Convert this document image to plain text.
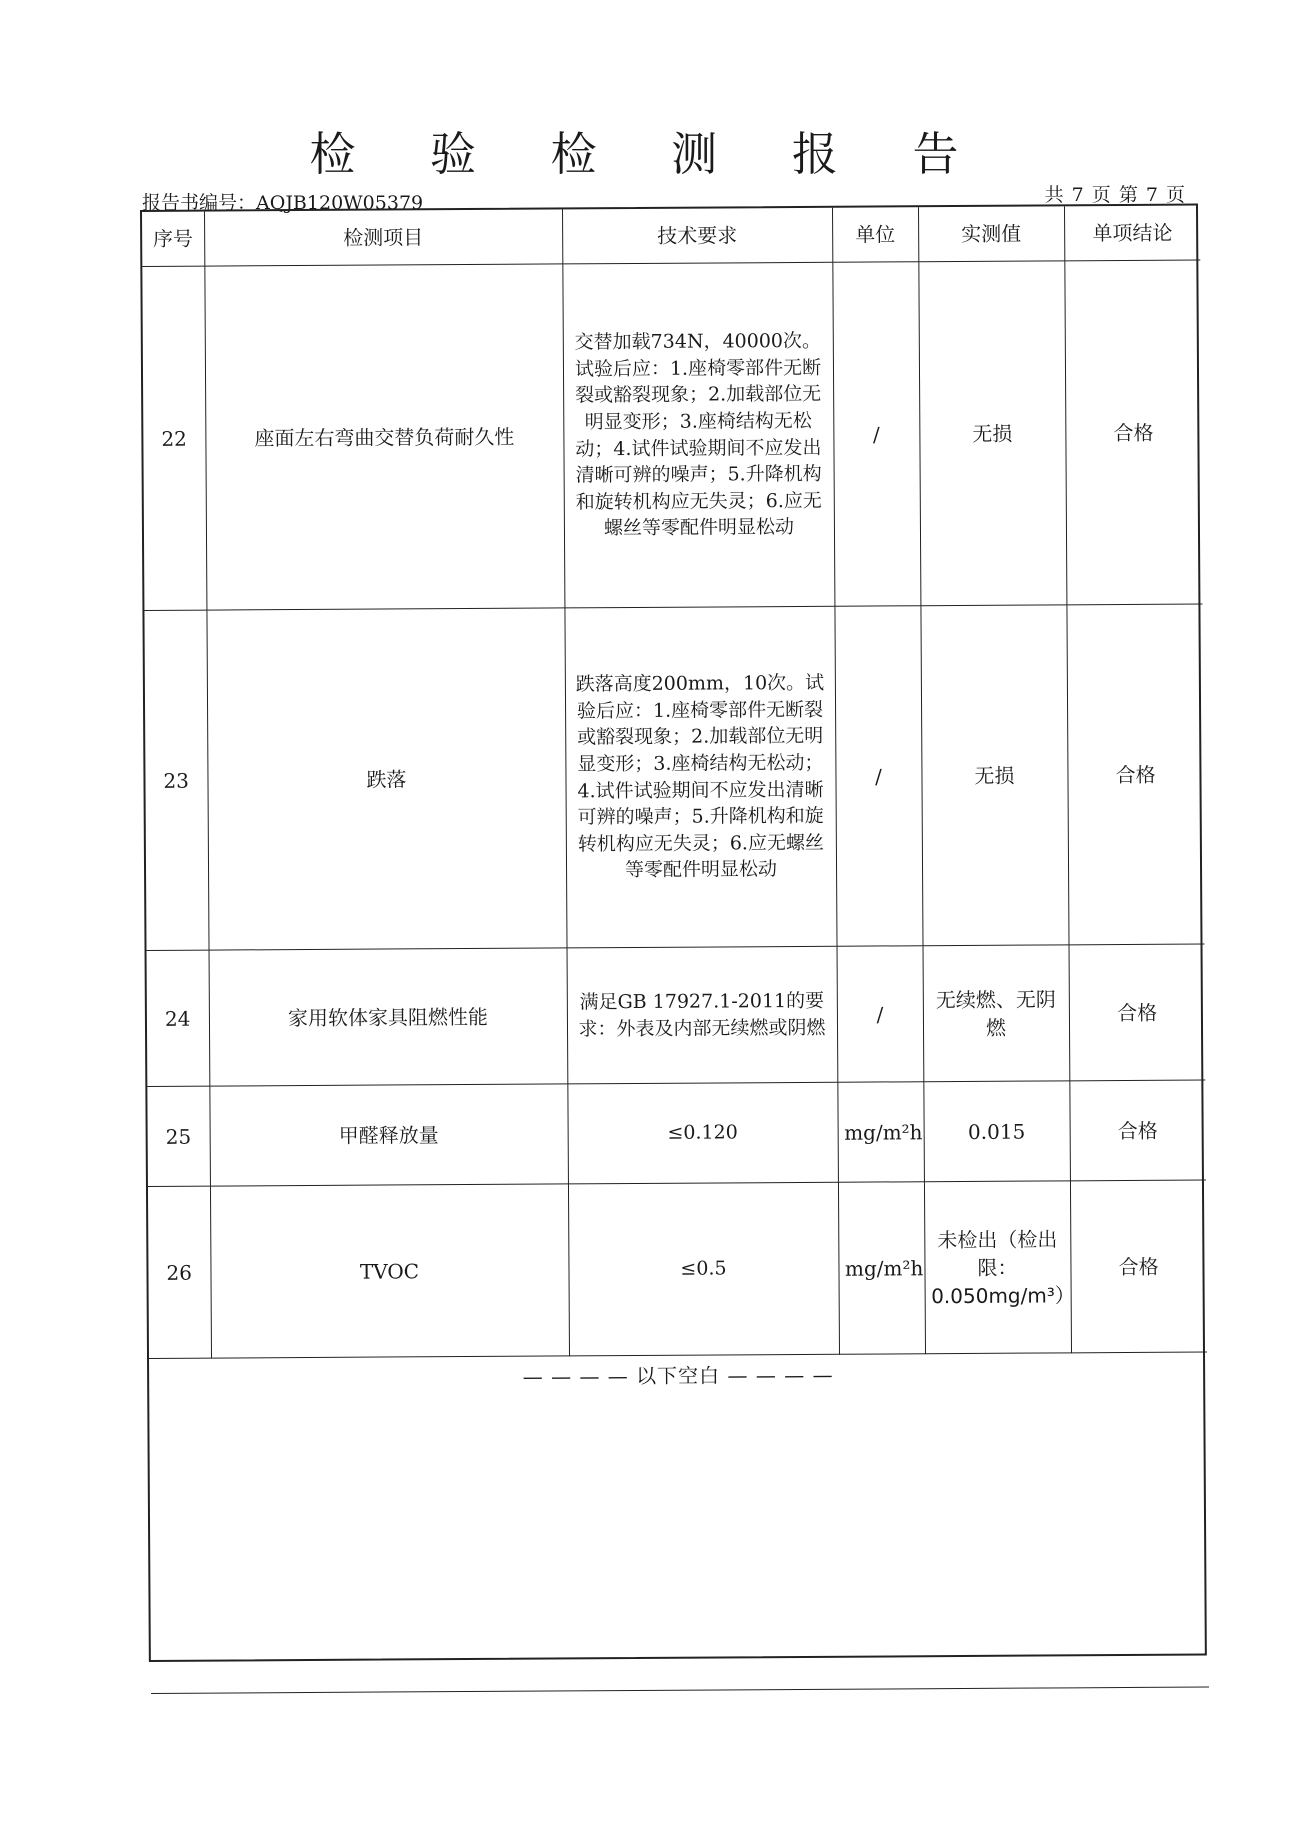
检 验 检 测 报 告
报告书编号：AQJB120W05379	共 7 页 第 7 页
序号	检测项目	技术要求	单位	实测值	单项结论
22	座面左右弯曲交替负荷耐久性	交替加载734N，40000次。试验后应：1.座椅零部件无断裂或豁裂现象；2.加载部位无明显变形；3.座椅结构无松动；4.试件试验期间不应发出清晰可辨的噪声；5.升降机构和旋转机构应无失灵；6.应无螺丝等零配件明显松动	/	无损	合格
23	跌落	跌落高度200mm，10次。试验后应：1.座椅零部件无断裂或豁裂现象；2.加载部位无明显变形；3.座椅结构无松动；4.试件试验期间不应发出清晰可辨的噪声；5.升降机构和旋转机构应无失灵；6.应无螺丝等零配件明显松动	/	无损	合格
24	家用软体家具阻燃性能	满足GB 17927.1-2011的要求：外表及内部无续燃或阴燃	/	无续燃、无阴燃	合格
25	甲醛释放量	≤0.120	mg/m²h	0.015	合格
26	TVOC	≤0.5	mg/m²h	未检出（检出限：0.050mg/m³）	合格

— — — — 以下空白 — — — —					
